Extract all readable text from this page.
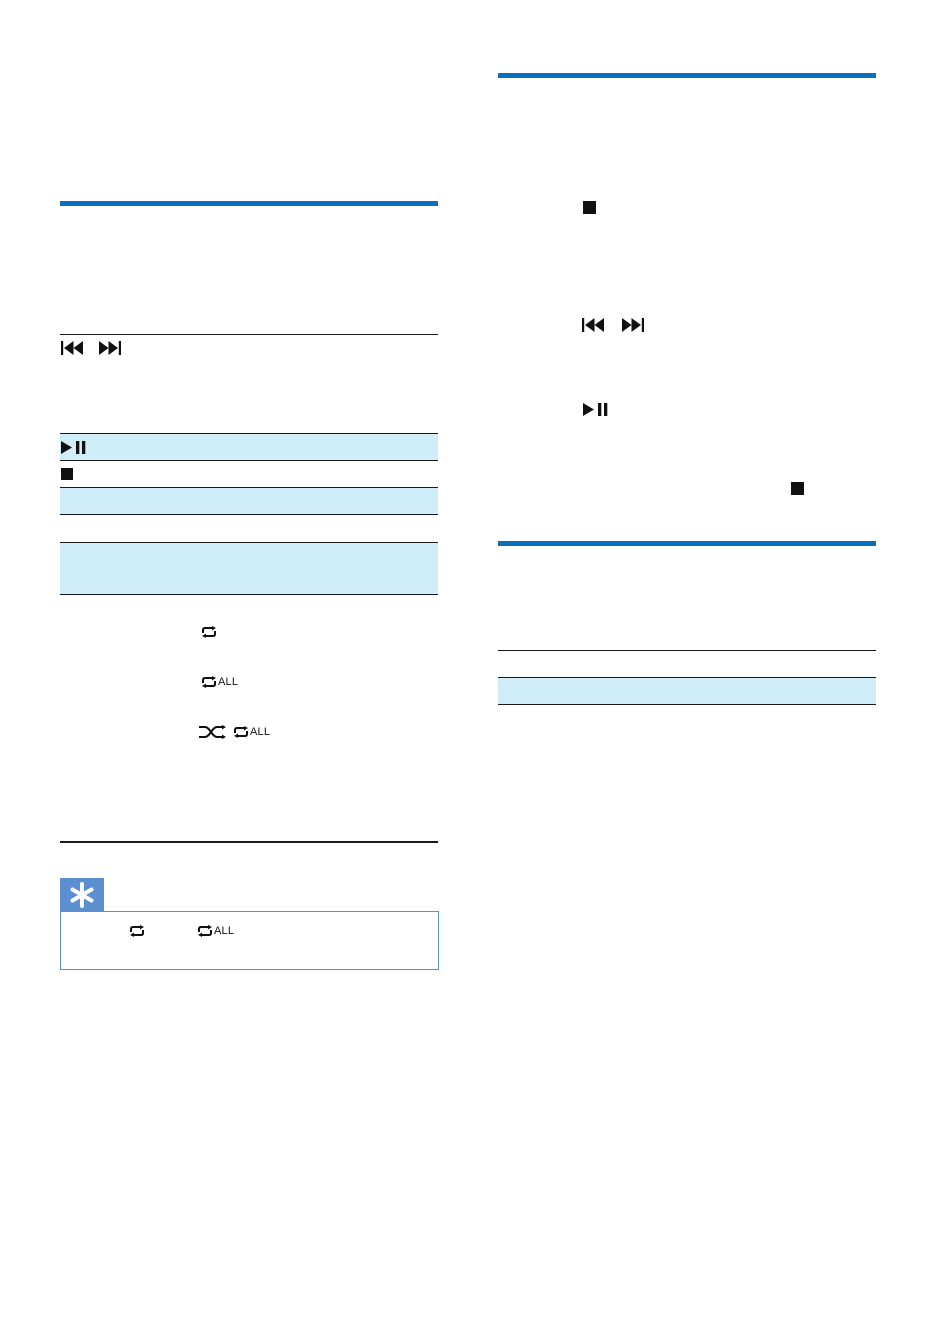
ALL
ALL
ALL
